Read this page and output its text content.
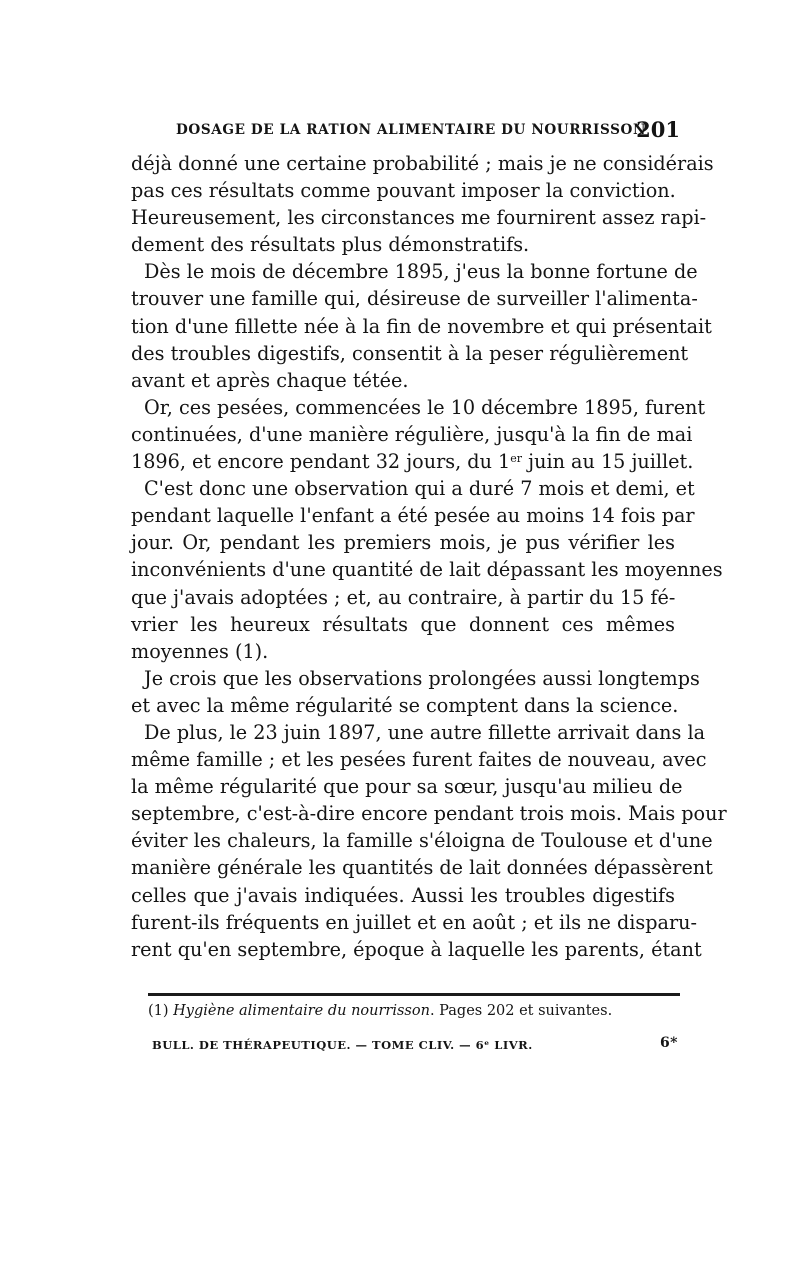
DOSAGE DE LA RATION ALIMENTAIRE DU NOURRISSON
201
déjà donné une certaine probabilité ; mais je ne considérais
pas ces résultats comme pouvant imposer la conviction.
Heureusement, les circonstances me fournirent assez rapi-
dement des résultats plus démonstratifs.
Dès le mois de décembre 1895, j'eus la bonne fortune de
trouver une famille qui, désireuse de surveiller l'alimenta-
tion d'une fillette née à la fin de novembre et qui présentait
des troubles digestifs, consentit à la peser régulièrement
avant et après chaque tétée.
Or, ces pesées, commencées le 10 décembre 1895, furent
continuées, d'une manière régulière, jusqu'à la fin de mai
1896, et encore pendant 32 jours, du 1er juin au 15 juillet.
C'est donc une observation qui a duré 7 mois et demi, et
pendant laquelle l'enfant a été pesée au moins 14 fois par
jour. Or, pendant les premiers mois, je pus vérifier les
inconvénients d'une quantité de lait dépassant les moyennes
que j'avais adoptées ; et, au contraire, à partir du 15 fé-
vrier les heureux résultats que donnent ces mêmes
moyennes (1).
Je crois que les observations prolongées aussi longtemps
et avec la même régularité se comptent dans la science.
De plus, le 23 juin 1897, une autre fillette arrivait dans la
même famille ; et les pesées furent faites de nouveau, avec
la même régularité que pour sa sœur, jusqu'au milieu de
septembre, c'est-à-dire encore pendant trois mois. Mais pour
éviter les chaleurs, la famille s'éloigna de Toulouse et d'une
manière générale les quantités de lait données dépassèrent
celles que j'avais indiquées. Aussi les troubles digestifs
furent-ils fréquents en juillet et en août ; et ils ne disparu-
rent qu'en septembre, époque à laquelle les parents, étant
(1) Hygiène alimentaire du nourrisson. Pages 202 et suivantes.
BULL. DE THÉRAPEUTIQUE. — TOME CLIV. — 6ᵉ LIVR.	6*
